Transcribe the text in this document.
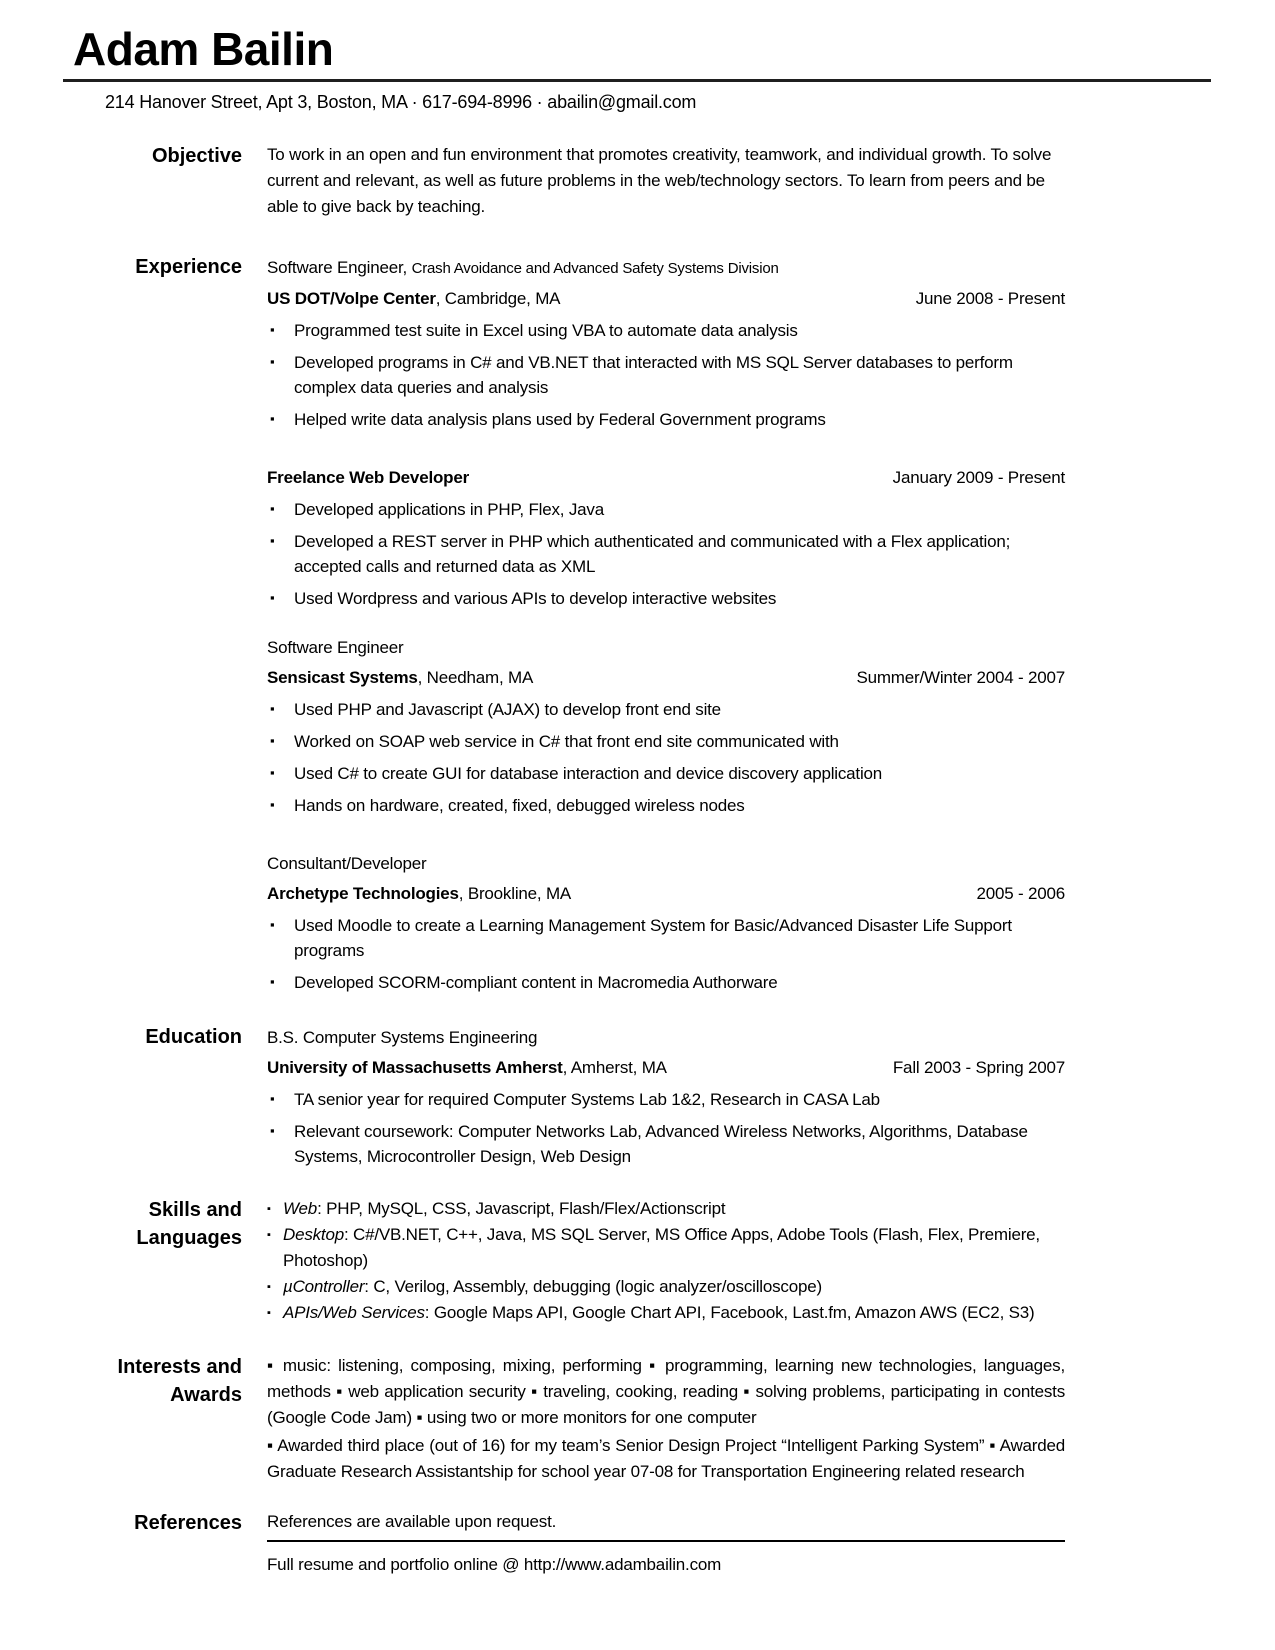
Adam Bailin
214 Hanover Street, Apt 3, Boston, MA · 617-694-8996 · abailin@gmail.com
Objective To work in an open and fun environment that promotes creativity, teamwork, and individual growth. To solve current and relevant, as well as future problems in the web/technology sectors. To learn from peers and be able to give back by teaching.
Experience Software Engineer, Crash Avoidance and Advanced Safety Systems Division
US DOT/Volpe Center, Cambridge, MA	June 2008 - Present
▪ Programmed test suite in Excel using VBA to automate data analysis
▪ Developed programs in C# and VB.NET that interacted with MS SQL Server databases to perform complex data queries and analysis
▪ Helped write data analysis plans used by Federal Government programs
Freelance Web Developer	January 2009 - Present
▪ Developed applications in PHP, Flex, Java
▪ Developed a REST server in PHP which authenticated and communicated with a Flex application; accepted calls and returned data as XML
▪ Used Wordpress and various APIs to develop interactive websites
Software Engineer
Sensicast Systems, Needham, MA	Summer/Winter 2004 - 2007
▪ Used PHP and Javascript (AJAX) to develop front end site
▪ Worked on SOAP web service in C# that front end site communicated with
▪ Used C# to create GUI for database interaction and device discovery application
▪ Hands on hardware, created, fixed, debugged wireless nodes
Consultant/Developer
Archetype Technologies, Brookline, MA	2005 - 2006
▪ Used Moodle to create a Learning Management System for Basic/Advanced Disaster Life Support programs
▪ Developed SCORM-compliant content in Macromedia Authorware
Education B.S. Computer Systems Engineering
University of Massachusetts Amherst, Amherst, MA	Fall 2003 - Spring 2007
▪ TA senior year for required Computer Systems Lab 1&2, Research in CASA Lab
▪ Relevant coursework: Computer Networks Lab, Advanced Wireless Networks, Algorithms, Database Systems, Microcontroller Design, Web Design
Skills and
Languages
▪ Web: PHP, MySQL, CSS, Javascript, Flash/Flex/Actionscript
▪ Desktop: C#/VB.NET, C++, Java, MS SQL Server, MS Office Apps, Adobe Tools (Flash, Flex, Premiere, Photoshop)
▪ µController: C, Verilog, Assembly, debugging (logic analyzer/oscilloscope)
▪ APIs/Web Services: Google Maps API, Google Chart API, Facebook, Last.fm, Amazon AWS (EC2, S3)
Interests and
Awards

▪ music: listening, composing, mixing, performing ▪ programming, learning new technologies, languages, methods ▪ web application security ▪ traveling, cooking, reading ▪ solving problems, participating in contests (Google Code Jam) ▪ using two or more monitors for one computer

▪ Awarded third place (out of 16) for my team’s Senior Design Project “Intelligent Parking System” ▪ Awarded Graduate Research Assistantship for school year 07-08 for Transportation Engineering related research

References References are available upon request.
Full resume and portfolio online @ http://www.adambailin.com
